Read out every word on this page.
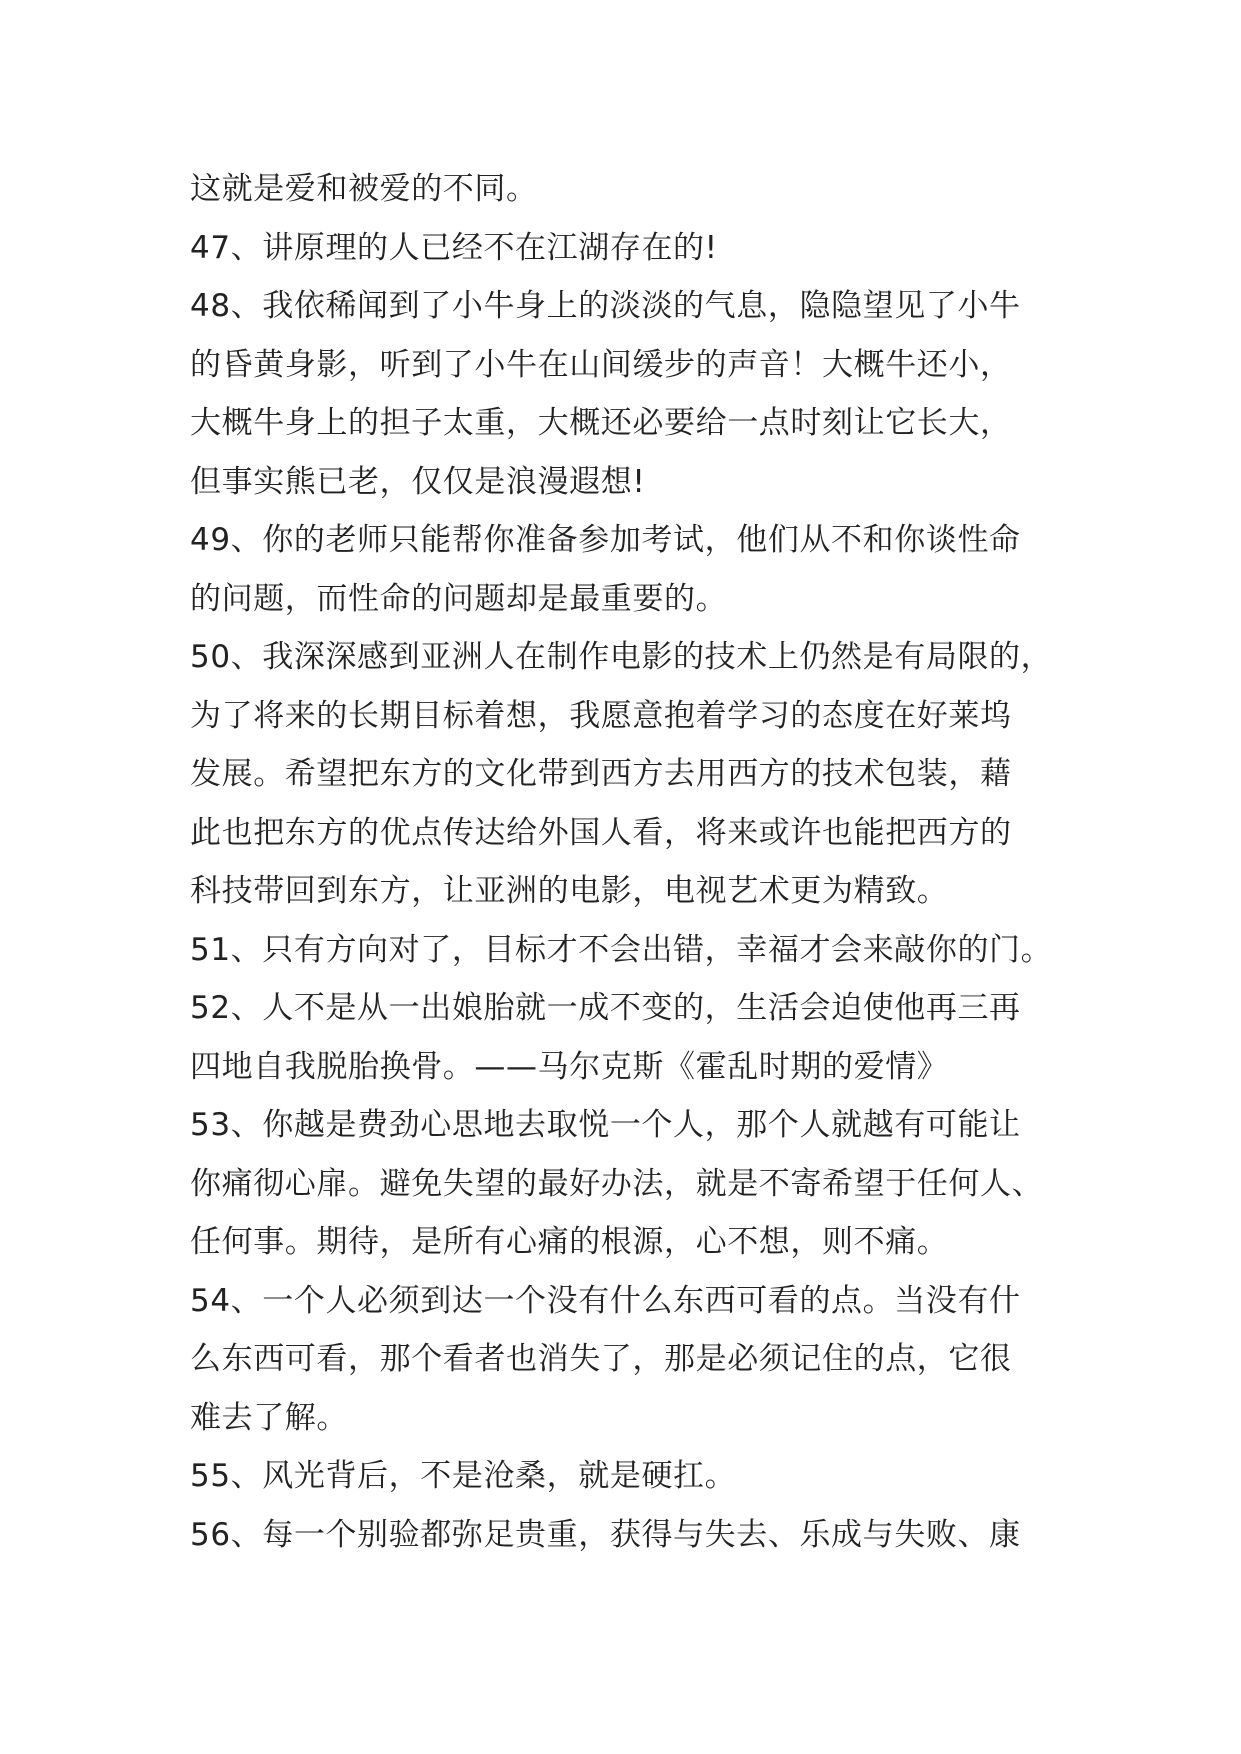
这就是爱和被爱的不同。
47、讲原理的人已经不在江湖存在的!
48、我依稀闻到了小牛身上的淡淡的气息，隐隐望见了小牛
的昏黄身影，听到了小牛在山间缓步的声音！大概牛还小，
大概牛身上的担子太重，大概还必要给一点时刻让它长大，
但事实熊已老，仅仅是浪漫遐想!
49、你的老师只能帮你准备参加考试，他们从不和你谈性命
的问题，而性命的问题却是最重要的。
50、我深深感到亚洲人在制作电影的技术上仍然是有局限的，
为了将来的长期目标着想，我愿意抱着学习的态度在好莱坞
发展。希望把东方的文化带到西方去用西方的技术包装，藉
此也把东方的优点传达给外国人看，将来或许也能把西方的
科技带回到东方，让亚洲的电影，电视艺术更为精致。
51、只有方向对了，目标才不会出错，幸福才会来敲你的门。
52、人不是从一出娘胎就一成不变的，生活会迫使他再三再
四地自我脱胎换骨。——马尔克斯《霍乱时期的爱情》
53、你越是费劲心思地去取悦一个人，那个人就越有可能让
你痛彻心扉。避免失望的最好办法，就是不寄希望于任何人、
任何事。期待，是所有心痛的根源，心不想，则不痛。
54、一个人必须到达一个没有什么东西可看的点。当没有什
么东西可看，那个看者也消失了，那是必须记住的点，它很
难去了解。
55、风光背后，不是沧桑，就是硬扛。
56、每一个别验都弥足贵重，获得与失去、乐成与失败、康
